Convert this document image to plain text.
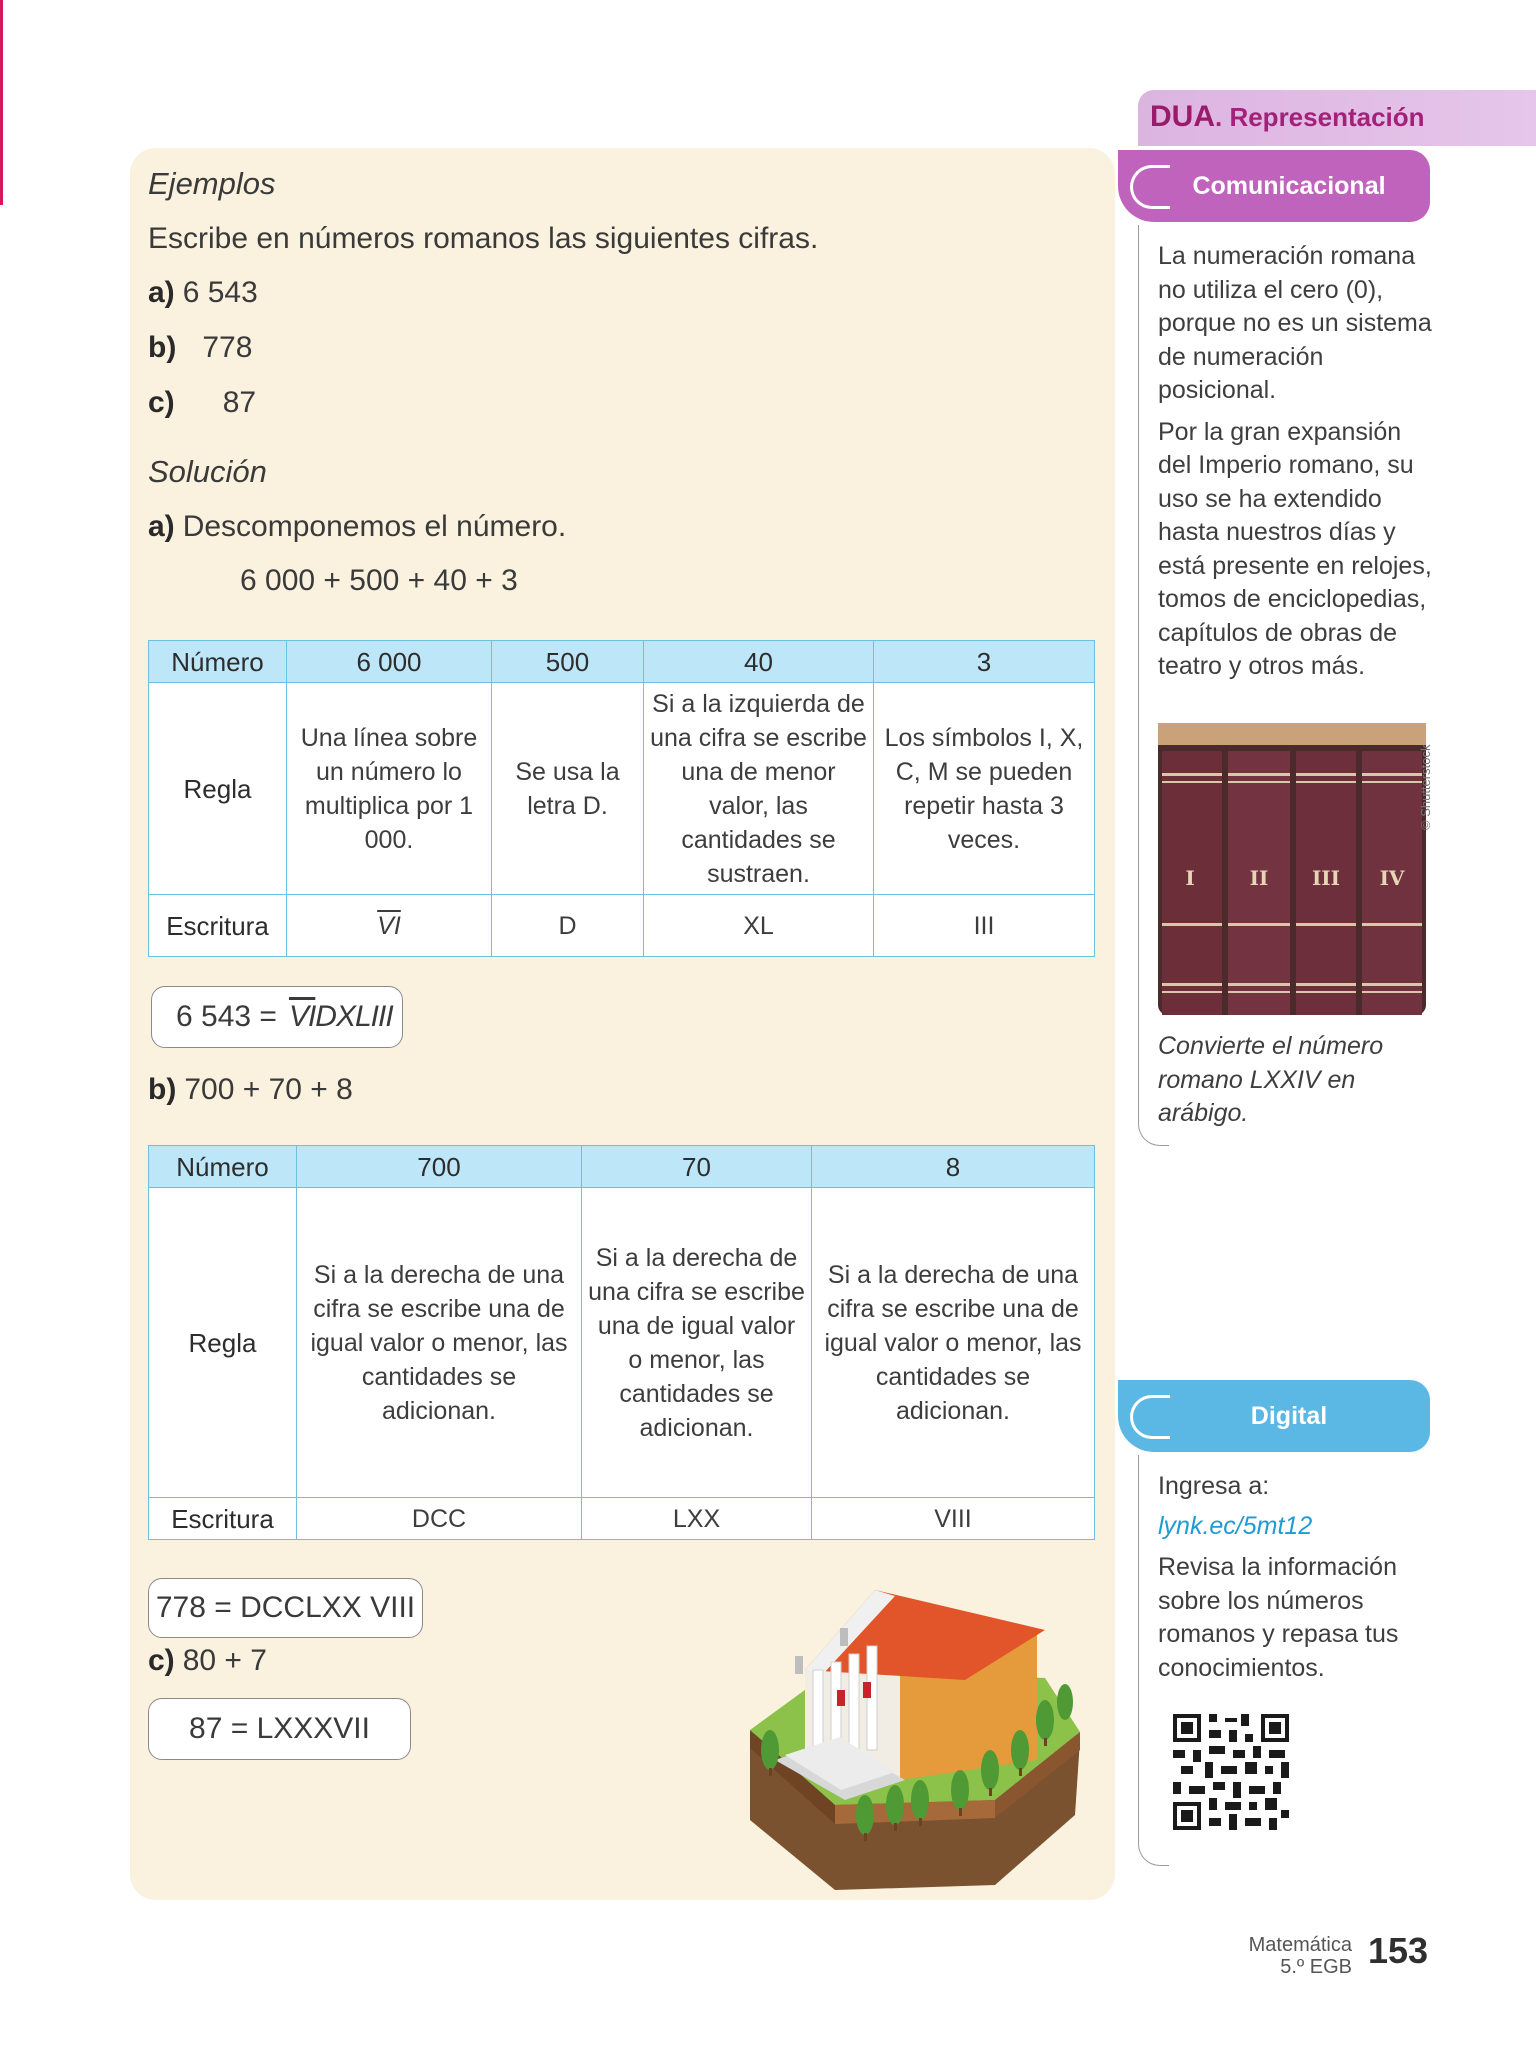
Ejemplos
Escribe en números romanos las siguientes cifras.
a) 6 543
b) 778
c) 87
Solución
a) Descomponemos el número.
6 000 + 500 + 40 + 3
Número	6 000	500	40	3
Regla	Una línea sobre un número lo multiplica por 1 000.	Se usa la letra D.	Si a la izquierda de una cifra se escribe una de menor valor, las cantidades se sustraen.	Los símbolos I, X, C, M se pueden repetir hasta 3 veces.
Escritura	$\overline{VI}$	D	XL	III
6 $543 = \overline{VI}DXLIII$
b) 700 + 70 + 8
Número	700	70	8
Regla	Si a la derecha de una cifra se escribe una de igual valor o menor, las cantidades se adicionan.	Si a la derecha de una cifra se escribe una de igual valor o menor, las cantidades se adicionan.	Si a la derecha de una cifra se escribe una de igual valor o menor, las cantidades se adicionan.
Escritura	DCC	LXX	VIII
778 = DCCLXX VIII
c) 80 + 7
87 = LXXXVII
DUA. Representación
Comunicacional

La numeración romana no utiliza el cero (0), porque no es un sistema de numeración posicional.

Por la gran expansión del Imperio romano, su uso se ha extendido hasta nuestros días y está presente en relojes, tomos de enciclopedias, capítulos de obras de teatro y otros más.

I	II III IV
© Shutterstock
Convierte el número romano LXXIV en arábigo.
Digital
Ingresa a:
lynk.ec/5mt12
Revisa la información sobre los números romanos y repasa tus conocimientos.
Matemática
5.º EGB 153
